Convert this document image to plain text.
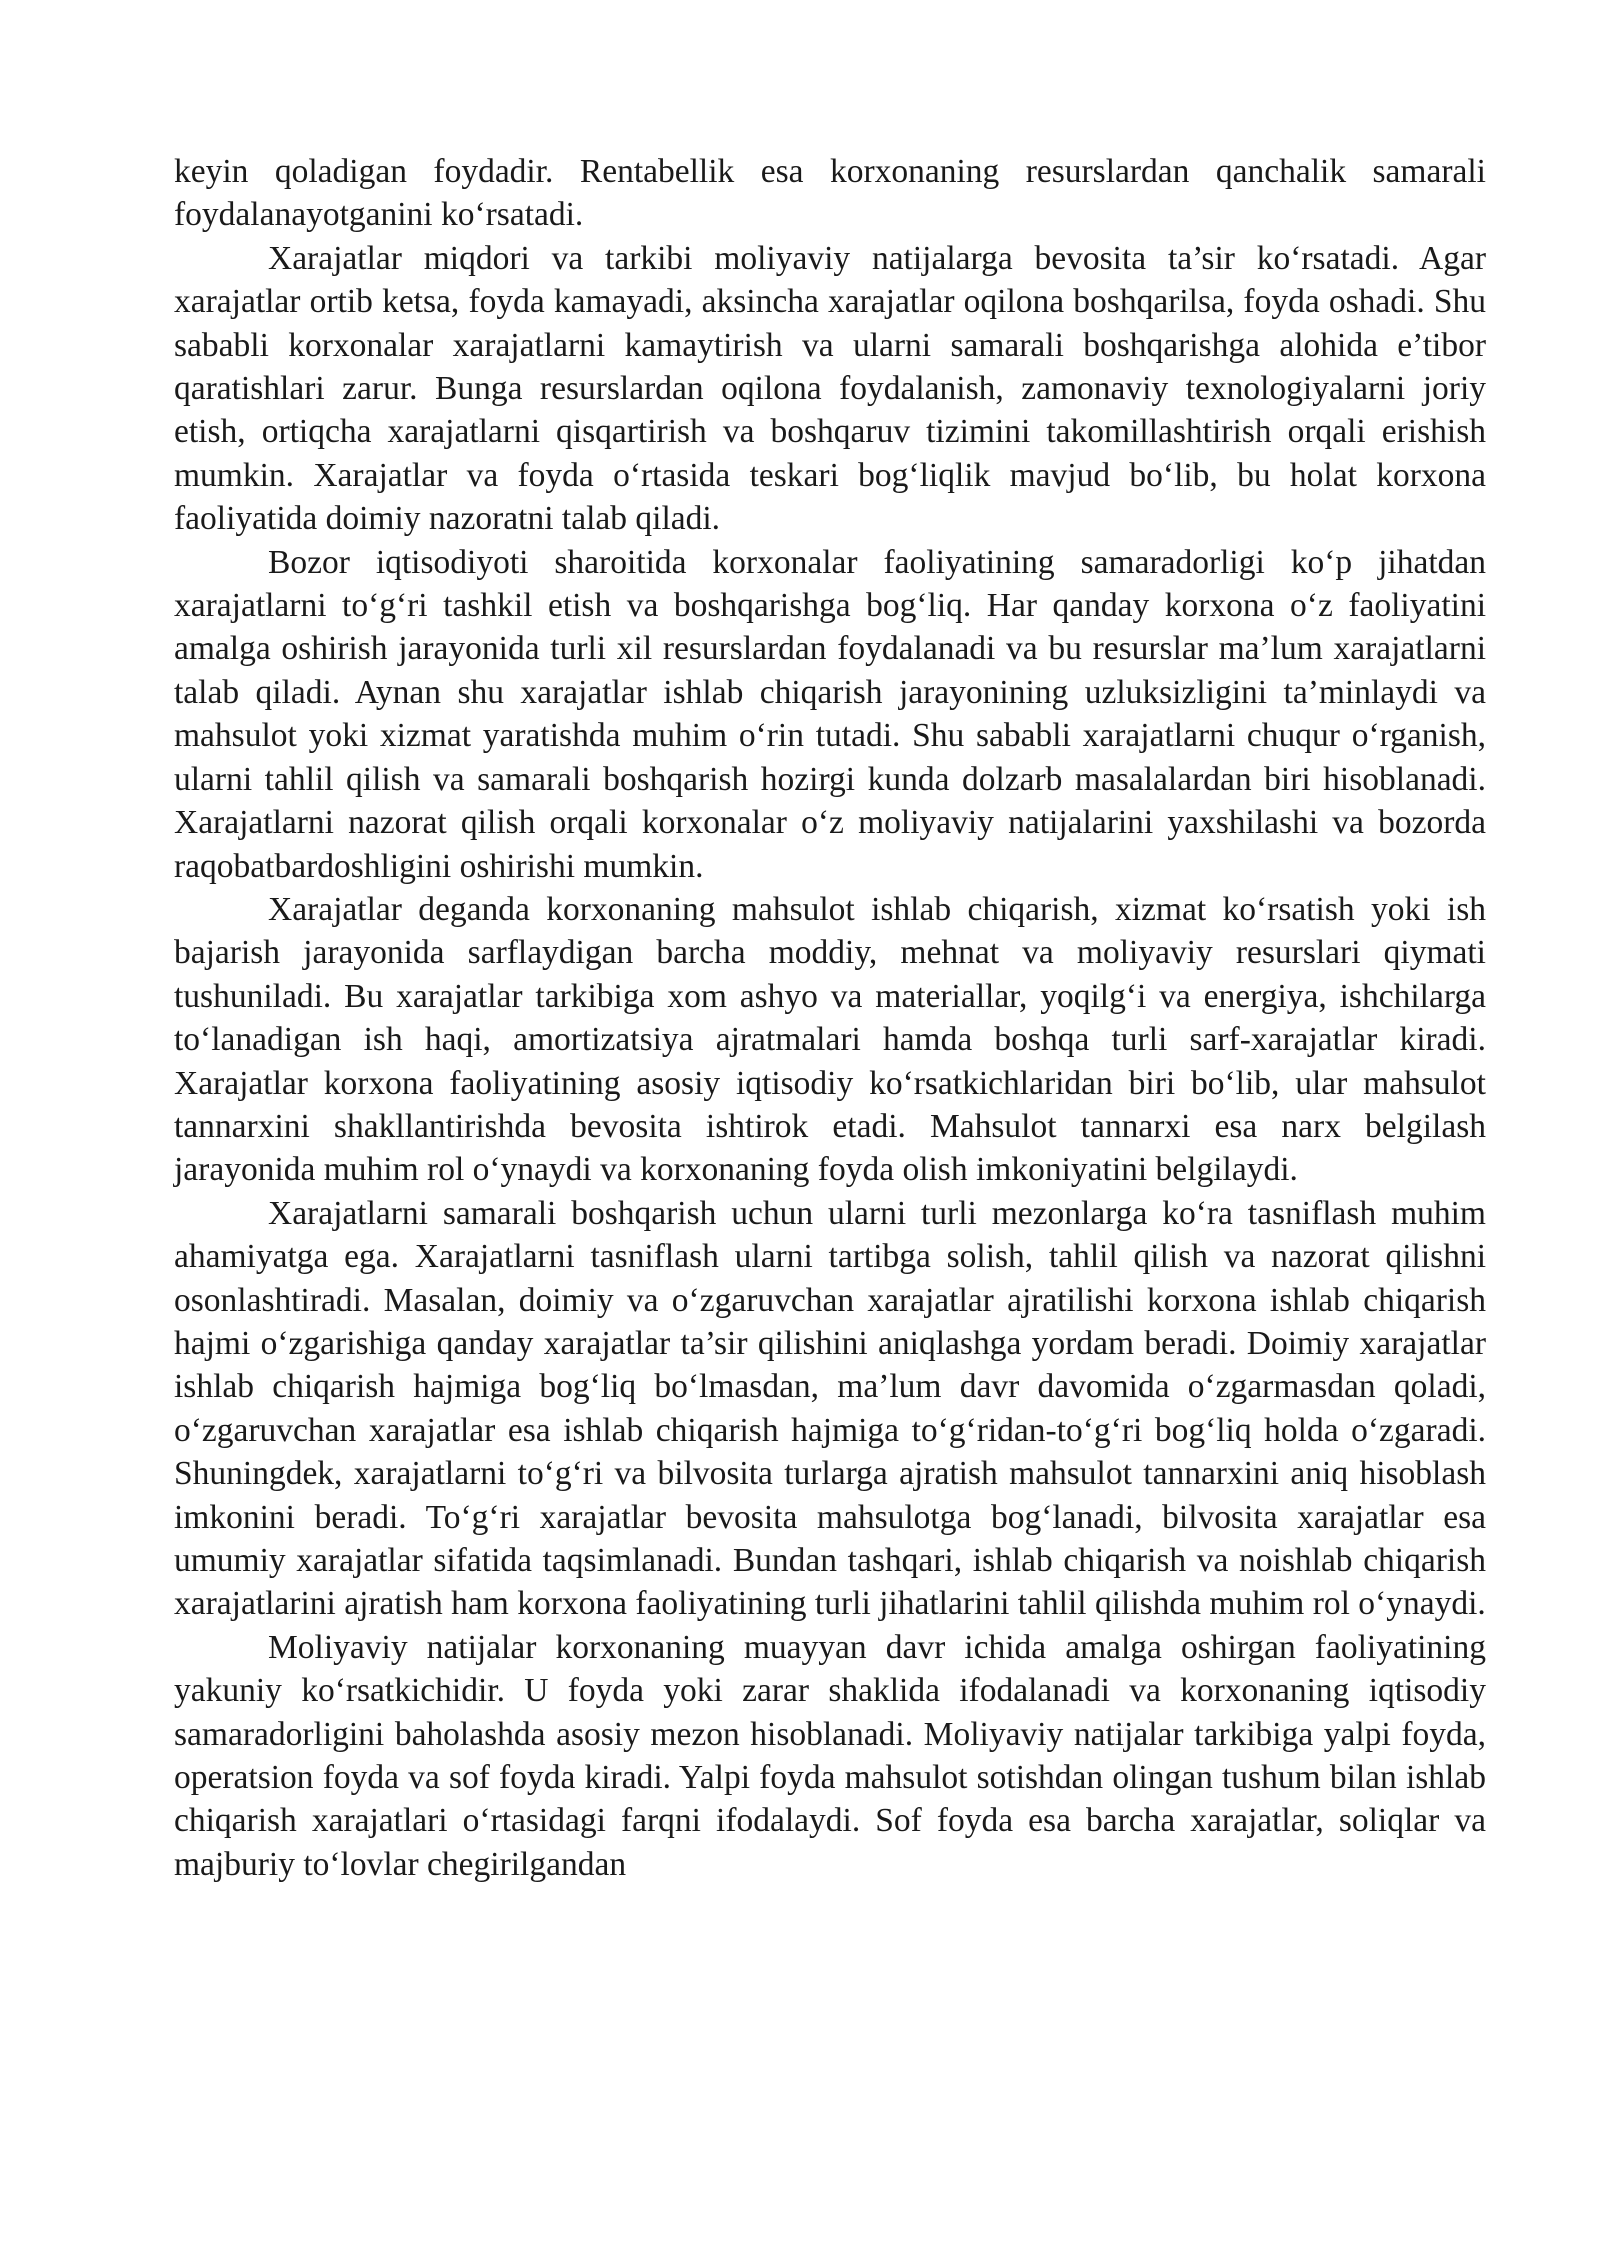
keyin qoladigan foydadir. Rentabellik esa korxonaning resurslardan qanchalik samarali foydalanayotganini ko‘rsatadi.

Xarajatlar miqdori va tarkibi moliyaviy natijalarga bevosita ta’sir ko‘rsatadi. Agar xarajatlar ortib ketsa, foyda kamayadi, aksincha xarajatlar oqilona boshqarilsa, foyda oshadi. Shu sababli korxonalar xarajatlarni kamaytirish va ularni samarali boshqarishga alohida e’tibor qaratishlari zarur. Bunga resurslardan oqilona foydalanish, zamonaviy texnologiyalarni joriy etish, ortiqcha xarajatlarni qisqartirish va boshqaruv tizimini takomillashtirish orqali erishish mumkin. Xarajatlar va foyda o‘rtasida teskari bog‘liqlik mavjud bo‘lib, bu holat korxona faoliyatida doimiy nazoratni talab qiladi.

Bozor iqtisodiyoti sharoitida korxonalar faoliyatining samaradorligi ko‘p jihatdan xarajatlarni to‘g‘ri tashkil etish va boshqarishga bog‘liq. Har qanday korxona o‘z faoliyatini amalga oshirish jarayonida turli xil resurslardan foydalanadi va bu resurslar ma’lum xarajatlarni talab qiladi. Aynan shu xarajatlar ishlab chiqarish jarayonining uzluksizligini ta’minlaydi va mahsulot yoki xizmat yaratishda muhim o‘rin tutadi. Shu sababli xarajatlarni chuqur o‘rganish, ularni tahlil qilish va samarali boshqarish hozirgi kunda dolzarb masalalardan biri hisoblanadi. Xarajatlarni nazorat qilish orqali korxonalar o‘z moliyaviy natijalarini yaxshilashi va bozorda raqobatbardoshligini oshirishi mumkin.

Xarajatlar deganda korxonaning mahsulot ishlab chiqarish, xizmat ko‘rsatish yoki ish bajarish jarayonida sarflaydigan barcha moddiy, mehnat va moliyaviy resurslari qiymati tushuniladi. Bu xarajatlar tarkibiga xom ashyo va materiallar, yoqilg‘i va energiya, ishchilarga to‘lanadigan ish haqi, amortizatsiya ajratmalari hamda boshqa turli sarf-xarajatlar kiradi. Xarajatlar korxona faoliyatining asosiy iqtisodiy ko‘rsatkichlaridan biri bo‘lib, ular mahsulot tannarxini shakllantirishda bevosita ishtirok etadi. Mahsulot tannarxi esa narx belgilash jarayonida muhim rol o‘ynaydi va korxonaning foyda olish imkoniyatini belgilaydi.

Xarajatlarni samarali boshqarish uchun ularni turli mezonlarga ko‘ra tasniflash muhim ahamiyatga ega. Xarajatlarni tasniflash ularni tartibga solish, tahlil qilish va nazorat qilishni osonlashtiradi. Masalan, doimiy va o‘zgaruvchan xarajatlar ajratilishi korxona ishlab chiqarish hajmi o‘zgarishiga qanday xarajatlar ta’sir qilishini aniqlashga yordam beradi. Doimiy xarajatlar ishlab chiqarish hajmiga bog‘liq bo‘lmasdan, ma’lum davr davomida o‘zgarmasdan qoladi, o‘zgaruvchan xarajatlar esa ishlab chiqarish hajmiga to‘g‘ridan-to‘g‘ri bog‘liq holda o‘zgaradi. Shuningdek, xarajatlarni to‘g‘ri va bilvosita turlarga ajratish mahsulot tannarxini aniq hisoblash imkonini beradi. To‘g‘ri xarajatlar bevosita mahsulotga bog‘lanadi, bilvosita xarajatlar esa umumiy xarajatlar sifatida taqsimlanadi. Bundan tashqari, ishlab chiqarish va noishlab chiqarish xarajatlarini ajratish ham korxona faoliyatining turli jihatlarini tahlil qilishda muhim rol o‘ynaydi.

Moliyaviy natijalar korxonaning muayyan davr ichida amalga oshirgan faoliyatining yakuniy ko‘rsatkichidir. U foyda yoki zarar shaklida ifodalanadi va korxonaning iqtisodiy samaradorligini baholashda asosiy mezon hisoblanadi. Moliyaviy natijalar tarkibiga yalpi foyda, operatsion foyda va sof foyda kiradi. Yalpi foyda mahsulot sotishdan olingan tushum bilan ishlab chiqarish xarajatlari o‘rtasidagi farqni ifodalaydi. Sof foyda esa barcha xarajatlar, soliqlar va majburiy to‘lovlar chegirilgandan
